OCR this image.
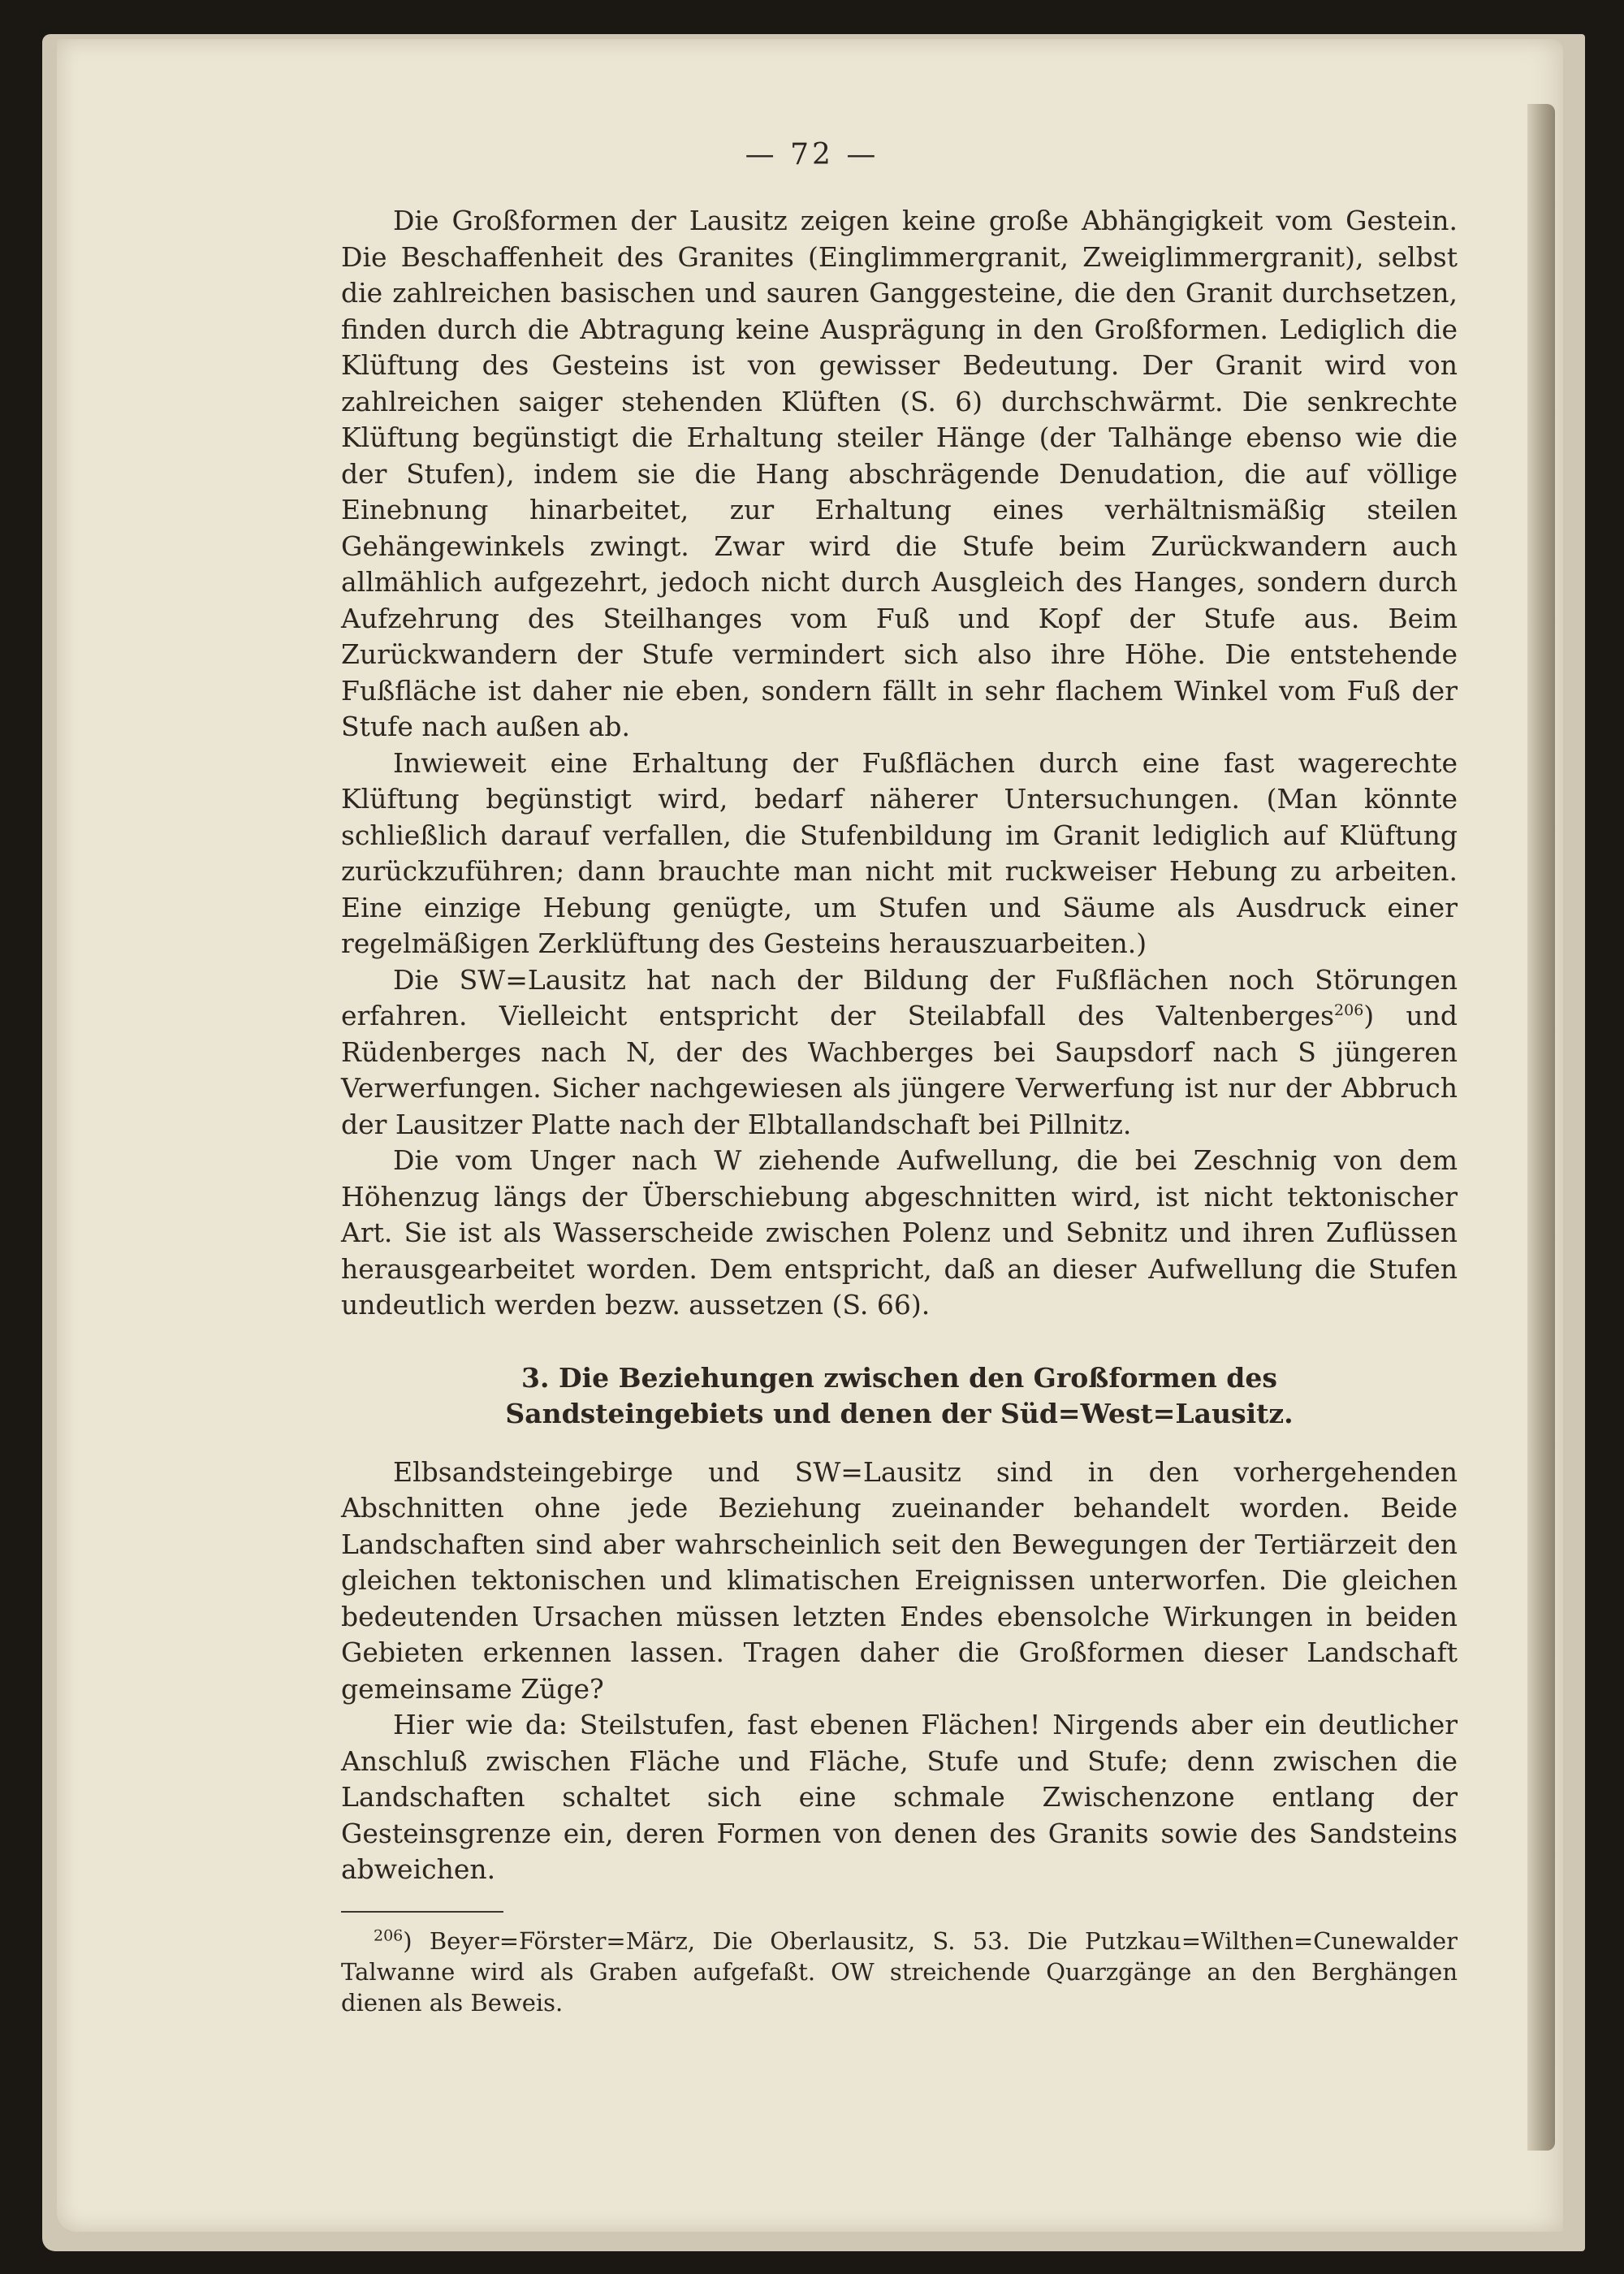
— 72 —

Die Großformen der Lausitz zeigen keine große Abhängigkeit vom Gestein. Die Beschaffenheit des Granites (Einglimmergranit, Zweiglimmergranit), selbst die zahlreichen basischen und sauren Ganggesteine, die den Granit durchsetzen, finden durch die Abtragung keine Ausprägung in den Großformen. Lediglich die Klüftung des Gesteins ist von gewisser Bedeutung. Der Granit wird von zahlreichen saiger stehenden Klüften (S. 6) durchschwärmt. Die senkrechte Klüftung begünstigt die Erhaltung steiler Hänge (der Talhänge ebenso wie die der Stufen), indem sie die Hang abschrägende Denudation, die auf völlige Einebnung hinarbeitet, zur Erhaltung eines verhältnismäßig steilen Gehängewinkels zwingt. Zwar wird die Stufe beim Zurückwandern auch allmählich aufgezehrt, jedoch nicht durch Ausgleich des Hanges, sondern durch Aufzehrung des Steilhanges vom Fuß und Kopf der Stufe aus. Beim Zurückwandern der Stufe vermindert sich also ihre Höhe. Die entstehende Fußfläche ist daher nie eben, sondern fällt in sehr flachem Winkel vom Fuß der Stufe nach außen ab.

Inwieweit eine Erhaltung der Fußflächen durch eine fast wagerechte Klüftung begünstigt wird, bedarf näherer Untersuchungen. (Man könnte schließlich darauf verfallen, die Stufenbildung im Granit lediglich auf Klüftung zurückzuführen; dann brauchte man nicht mit ruckweiser Hebung zu arbeiten. Eine einzige Hebung genügte, um Stufen und Säume als Ausdruck einer regelmäßigen Zerklüftung des Gesteins herauszuarbeiten.)

Die SW=Lausitz hat nach der Bildung der Fußflächen noch Störungen erfahren. Vielleicht entspricht der Steilabfall des Valtenberges$^{206}$) und Rüdenberges nach N, der des Wachberges bei Saupsdorf nach S jüngeren Verwerfungen. Sicher nachgewiesen als jüngere Verwerfung ist nur der Abbruch der Lausitzer Platte nach der Elbtallandschaft bei Pillnitz.

Die vom Unger nach W ziehende Aufwellung, die bei Zeschnig von dem Höhenzug längs der Überschiebung abgeschnitten wird, ist nicht tektonischer Art. Sie ist als Wasserscheide zwischen Polenz und Sebnitz und ihren Zuflüssen herausgearbeitet worden. Dem entspricht, daß an dieser Aufwellung die Stufen undeutlich werden bezw. aussetzen (S. 66).

3. Die Beziehungen zwischen den Großformen des Sandsteingebiets und denen der Süd=West=Lausitz.

Elbsandsteingebirge und SW=Lausitz sind in den vorhergehenden Abschnitten ohne jede Beziehung zueinander behandelt worden. Beide Landschaften sind aber wahrscheinlich seit den Bewegungen der Tertiärzeit den gleichen tektonischen und klimatischen Ereignissen unterworfen. Die gleichen bedeutenden Ursachen müssen letzten Endes ebensolche Wirkungen in beiden Gebieten erkennen lassen. Tragen daher die Großformen dieser Landschaft gemeinsame Züge?

Hier wie da: Steilstufen, fast ebenen Flächen! Nirgends aber ein deutlicher Anschluß zwischen Fläche und Fläche, Stufe und Stufe; denn zwischen die Landschaften schaltet sich eine schmale Zwischenzone entlang der Gesteinsgrenze ein, deren Formen von denen des Granits sowie des Sandsteins abweichen.

$^{206}$) Beyer=Förster=März, Die Oberlausitz, S. 53. Die Putzkau=Wilthen=Cunewalder Talwanne wird als Graben aufgefaßt. OW streichende Quarzgänge an den Berghängen dienen als Beweis.
